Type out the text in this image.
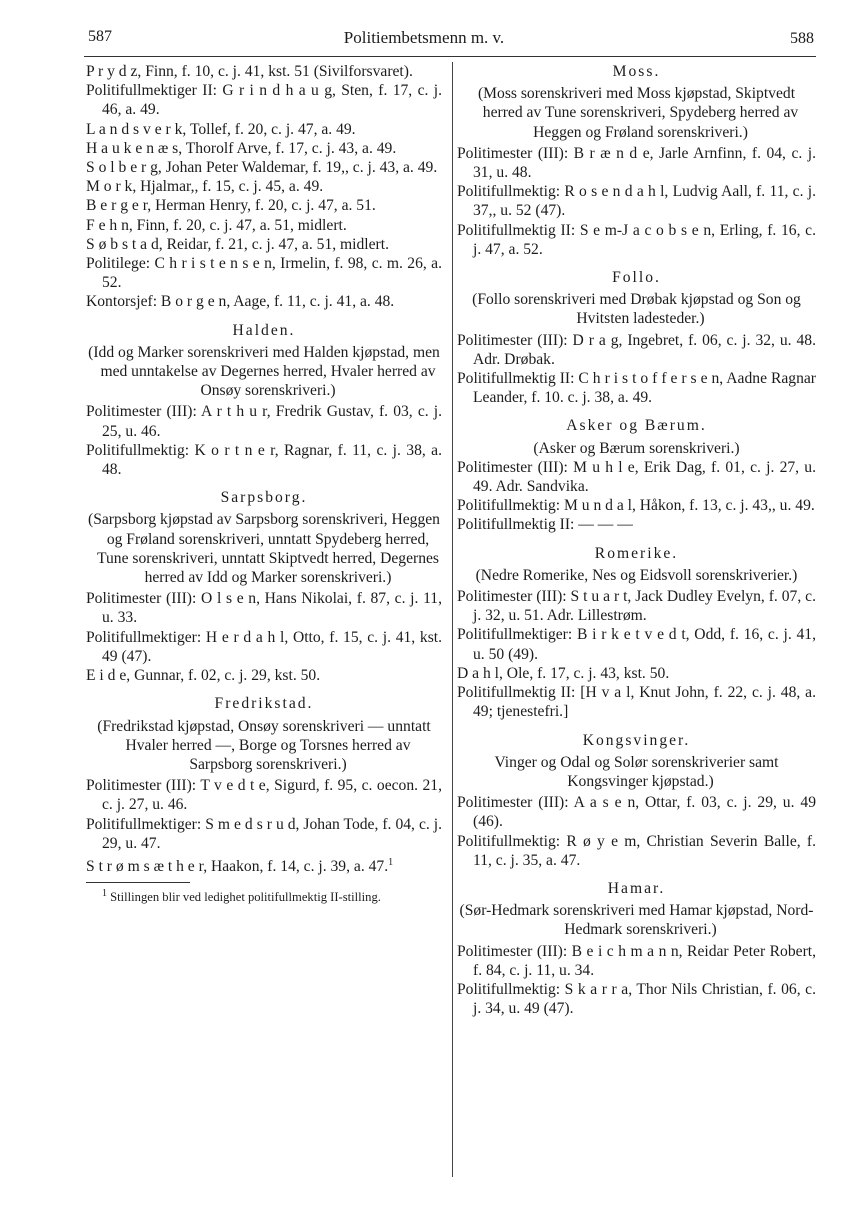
587	Politiembetsmenn m. v.	588

P r y d z, Finn, f. 10, c. j. 41, kst. 51 (Sivilforsvaret).

Politifullmektiger II: G r i n d h a u g, Sten, f. 17, c. j. 46, a. 49.

L a n d s v e r k, Tollef, f. 20, c. j. 47, a. 49.

H a u k e n æ s, Thorolf Arve, f. 17, c. j. 43, a. 49.

S o l b e r g, Johan Peter Waldemar, f. 19,, c. j. 43, a. 49.

M o r k, Hjalmar,, f. 15, c. j. 45, a. 49.

B e r g e r, Herman Henry, f. 20, c. j. 47, a. 51.

F e h n, Finn, f. 20, c. j. 47, a. 51, midlert.

S ø b s t a d, Reidar, f. 21, c. j. 47, a. 51, midlert.

Politilege: C h r i s t e n s e n, Irmelin, f. 98, c. m. 26, a. 52.

Kontorsjef: B o r g e n, Aage, f. 11, c. j. 41, a. 48.

Halden.

(Idd og Marker sorenskriveri med Halden kjøpstad, men med unntakelse av Degernes herred, Hvaler herred av Onsøy sorenskriveri.)

Politimester (III): A r t h u r, Fredrik Gustav, f. 03, c. j. 25, u. 46.

Politifullmektig: K o r t n e r, Ragnar, f. 11, c. j. 38, a. 48.

Sarpsborg.

(Sarpsborg kjøpstad av Sarpsborg sorenskriveri, Heggen og Frøland sorenskriveri, unntatt Spydeberg herred, Tune sorenskriveri, unntatt Skiptvedt herred, Degernes herred av Idd og Marker sorenskriveri.)

Politimester (III): O l s e n, Hans Nikolai, f. 87, c. j. 11, u. 33.

Politifullmektiger: H e r d a h l, Otto, f. 15, c. j. 41, kst. 49 (47).

E i d e, Gunnar, f. 02, c. j. 29, kst. 50.

Fredrikstad.

(Fredrikstad kjøpstad, Onsøy sorenskriveri — unntatt Hvaler herred —, Borge og Torsnes herred av Sarpsborg sorenskriveri.)

Politimester (III): T v e d t e, Sigurd, f. 95, c. oecon. 21, c. j. 27, u. 46.

Politifullmektiger: S m e d s r u d, Johan Tode, f. 04, c. j. 29, u. 47.

S t r ø m s æ t h e r, Haakon, f. 14, c. j. 39, a. 47.$^1$

$^1$ Stillingen blir ved ledighet politifullmektig II-stilling.

Moss.

(Moss sorenskriveri med Moss kjøpstad, Skiptvedt herred av Tune sorenskriveri, Spydeberg herred av Heggen og Frøland sorenskriveri.)

Politimester (III): B r æ n d e, Jarle Arnfinn, f. 04, c. j. 31, u. 48.

Politifullmektig: R o s e n d a h l, Ludvig Aall, f. 11, c. j. 37,, u. 52 (47).

Politifullmektig II: S e m-J a c o b s e n, Erling, f. 16, c. j. 47, a. 52.

Follo.

(Follo sorenskriveri med Drøbak kjøpstad og Son og Hvitsten ladesteder.)

Politimester (III): D r a g, Ingebret, f. 06, c. j. 32, u. 48. Adr. Drøbak.

Politifullmektig II: C h r i s t o f f e r s e n, Aadne Ragnar Leander, f. 10. c. j. 38, a. 49.

Asker og Bærum.

(Asker og Bærum sorenskriveri.)

Politimester (III): M u h l e, Erik Dag, f. 01, c. j. 27, u. 49. Adr. Sandvika.

Politifullmektig: M u n d a l, Håkon, f. 13, c. j. 43,, u. 49.

Politifullmektig II: — — —

Romerike.

(Nedre Romerike, Nes og Eidsvoll sorenskriverier.)

Politimester (III): S t u a r t, Jack Dudley Evelyn, f. 07, c. j. 32, u. 51. Adr. Lillestrøm.

Politifullmektiger: B i r k e t v e d t, Odd, f. 16, c. j. 41, u. 50 (49).

D a h l, Ole, f. 17, c. j. 43, kst. 50.

Politifullmektig II: [H v a l, Knut John, f. 22, c. j. 48, a. 49; tjenestefri.]

Kongsvinger.

Vinger og Odal og Solør sorenskriverier samt Kongsvinger kjøpstad.)

Politimester (III): A a s e n, Ottar, f. 03, c. j. 29, u. 49 (46).

Politifullmektig: R ø y e m, Christian Severin Balle, f. 11, c. j. 35, a. 47.

Hamar.

(Sør-Hedmark sorenskriveri med Hamar kjøpstad, Nord-Hedmark sorenskriveri.)

Politimester (III): B e i c h m a n n, Reidar Peter Robert, f. 84, c. j. 11, u. 34.

Politifullmektig: S k a r r a, Thor Nils Christian, f. 06, c. j. 34, u. 49 (47).
